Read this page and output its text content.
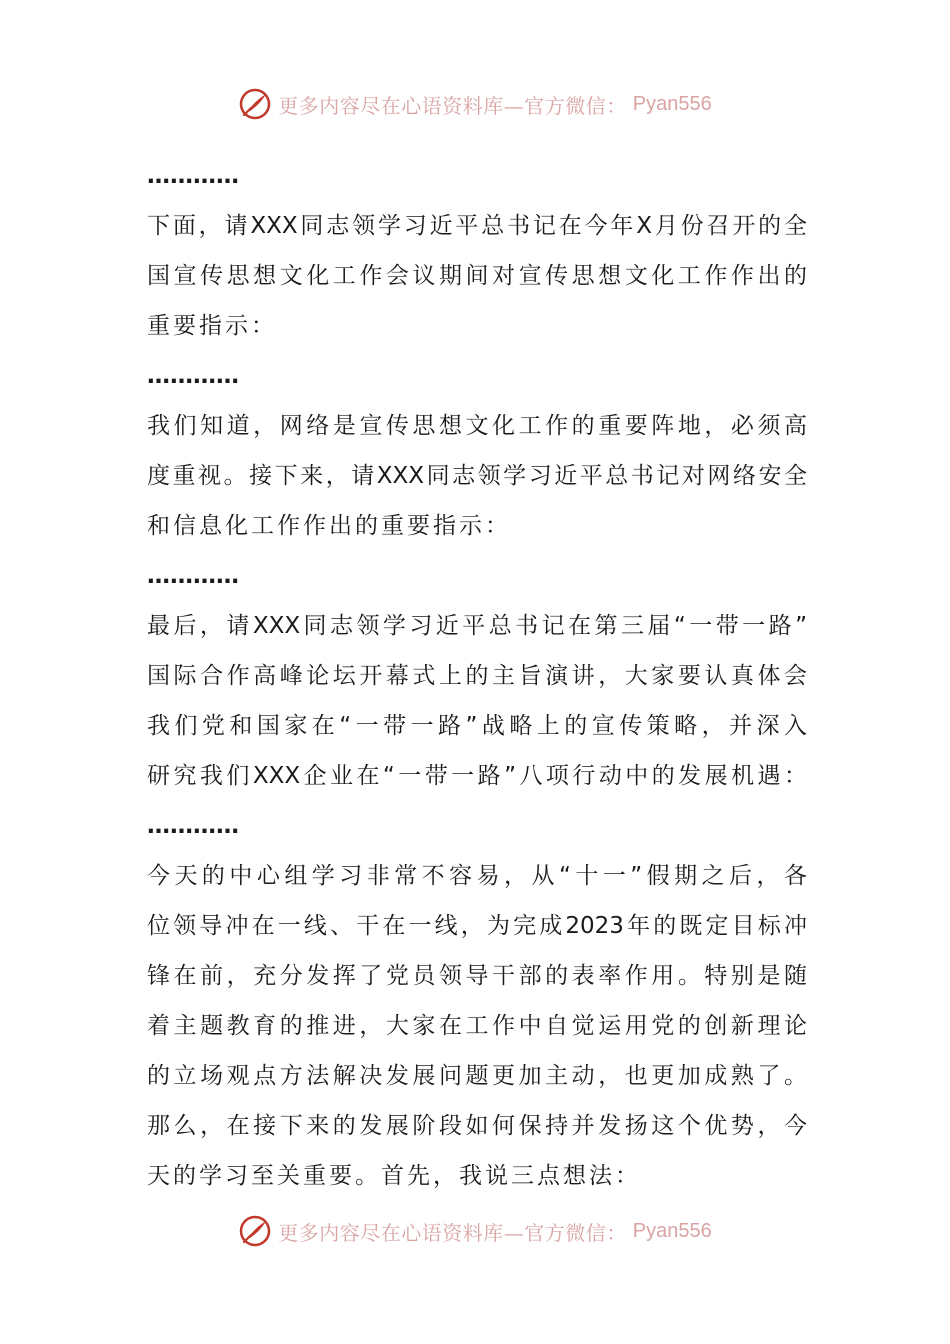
更多内容尽在心语资料库—官方微信： Pyan556
…………
下面，请XXX同志领学习近平总书记在今年X月份召开的全
国宣传思想文化工作会议期间对宣传思想文化工作作出的
重要指示：
…………
我们知道，网络是宣传思想文化工作的重要阵地，必须高
度重视。接下来，请XXX同志领学习近平总书记对网络安全
和信息化工作作出的重要指示：
…………
最后，请XXX同志领学习近平总书记在第三届“一带一路”
国际合作高峰论坛开幕式上的主旨演讲，大家要认真体会
我们党和国家在“一带一路”战略上的宣传策略，并深入
研究我们XXX企业在“一带一路”八项行动中的发展机遇：
…………
今天的中心组学习非常不容易，从“十一”假期之后，各
位领导冲在一线、干在一线，为完成2023年的既定目标冲
锋在前，充分发挥了党员领导干部的表率作用。特别是随
着主题教育的推进，大家在工作中自觉运用党的创新理论
的立场观点方法解决发展问题更加主动，也更加成熟了。
那么，在接下来的发展阶段如何保持并发扬这个优势，今
天的学习至关重要。首先，我说三点想法：
更多内容尽在心语资料库—官方微信： Pyan556
